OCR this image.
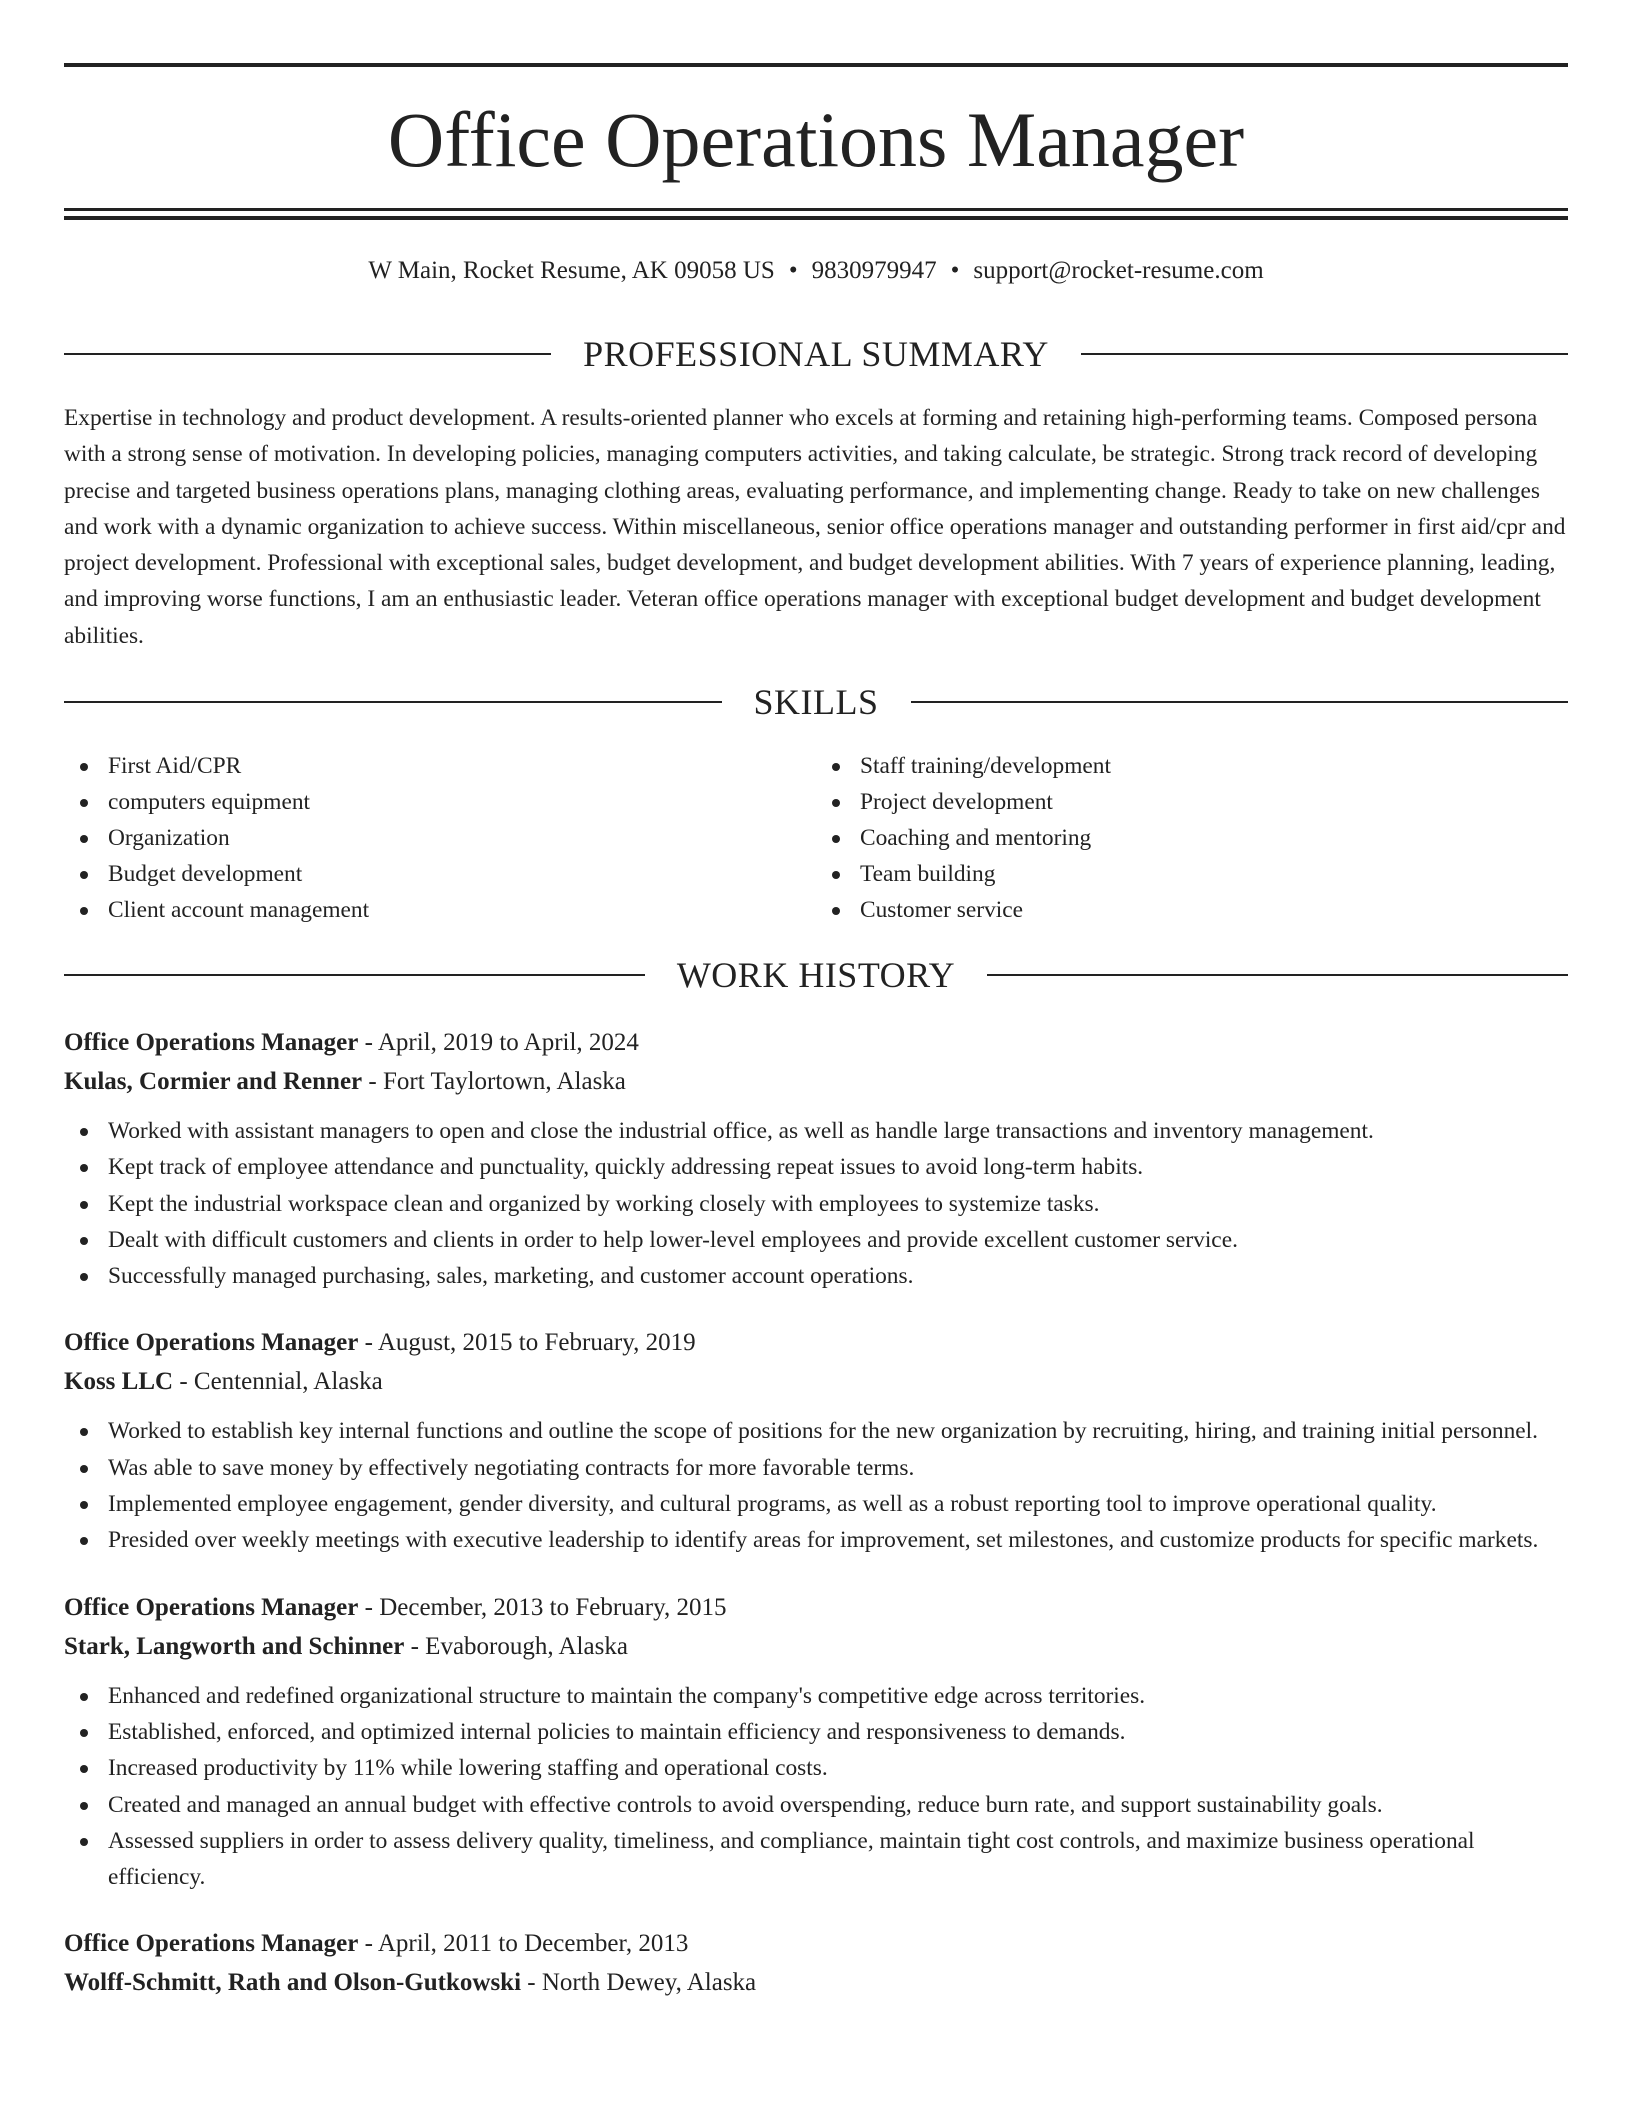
Office Operations Manager
W Main, Rocket Resume, AK 09058 US • 9830979947 • support@rocket-resume.com
PROFESSIONAL SUMMARY

Expertise in technology and product development. A results-oriented planner who excels at forming and retaining high-performing teams. Composed persona with a strong sense of motivation. In developing policies, managing computers activities, and taking calculate, be strategic. Strong track record of developing precise and targeted business operations plans, managing clothing areas, evaluating performance, and implementing change. Ready to take on new challenges and work with a dynamic organization to achieve success. Within miscellaneous, senior office operations manager and outstanding performer in first aid/cpr and project development. Professional with exceptional sales, budget development, and budget development abilities. With 7 years of experience planning, leading, and improving worse functions, I am an enthusiastic leader. Veteran office operations manager with exceptional budget development and budget development abilities.

SKILLS
First Aid/CPR
computers equipment
Organization
Budget development
Client account management
Staff training/development
Project development
Coaching and mentoring
Team building
Customer service
WORK HISTORY
Office Operations Manager - April, 2019 to April, 2024
Kulas, Cormier and Renner - Fort Taylortown, Alaska
Worked with assistant managers to open and close the industrial office, as well as handle large transactions and inventory management.
Kept track of employee attendance and punctuality, quickly addressing repeat issues to avoid long-term habits.
Kept the industrial workspace clean and organized by working closely with employees to systemize tasks.
Dealt with difficult customers and clients in order to help lower-level employees and provide excellent customer service.
Successfully managed purchasing, sales, marketing, and customer account operations.
Office Operations Manager - August, 2015 to February, 2019
Koss LLC - Centennial, Alaska
Worked to establish key internal functions and outline the scope of positions for the new organization by recruiting, hiring, and training initial personnel.
Was able to save money by effectively negotiating contracts for more favorable terms.
Implemented employee engagement, gender diversity, and cultural programs, as well as a robust reporting tool to improve operational quality.
Presided over weekly meetings with executive leadership to identify areas for improvement, set milestones, and customize products for specific markets.
Office Operations Manager - December, 2013 to February, 2015
Stark, Langworth and Schinner - Evaborough, Alaska
Enhanced and redefined organizational structure to maintain the company's competitive edge across territories.
Established, enforced, and optimized internal policies to maintain efficiency and responsiveness to demands.
Increased productivity by 11% while lowering staffing and operational costs.
Created and managed an annual budget with effective controls to avoid overspending, reduce burn rate, and support sustainability goals.
Assessed suppliers in order to assess delivery quality, timeliness, and compliance, maintain tight cost controls, and maximize business operational efficiency.
Office Operations Manager - April, 2011 to December, 2013
Wolff-Schmitt, Rath and Olson-Gutkowski - North Dewey, Alaska
